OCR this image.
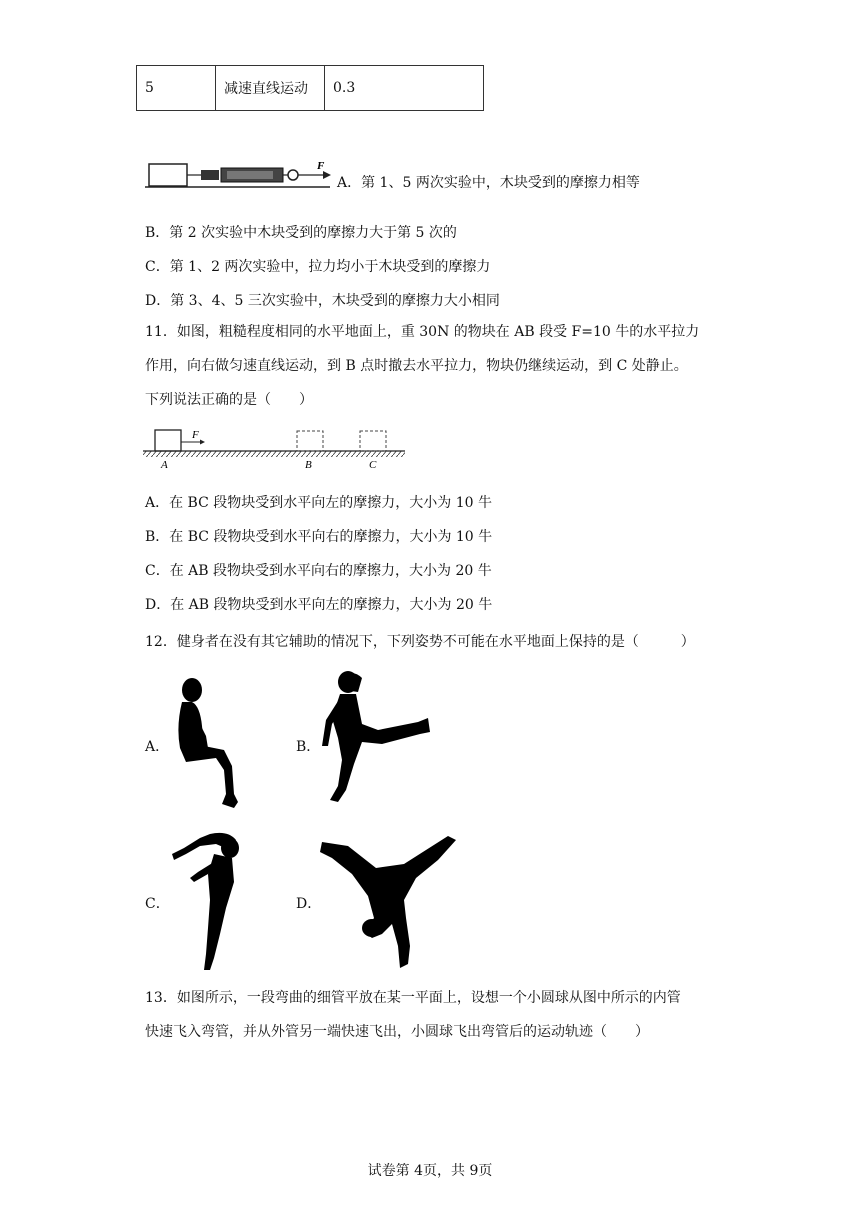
5	减速直线运动	0.3
F
A．第 1、5 两次实验中，木块受到的摩擦力相等
B．第 2 次实验中木块受到的摩擦力大于第 5 次的
C．第 1、2 两次实验中，拉力均小于木块受到的摩擦力
D．第 3、4、5 三次实验中，木块受到的摩擦力大小相同
11．如图，粗糙程度相同的水平地面上，重 30N 的物块在 AB 段受 F=10 牛的水平拉力
作用，向右做匀速直线运动，到 B 点时撤去水平拉力，物块仍继续运动，到 C 处静止。
下列说法正确的是（　　）
F
A	B	C
A．在 BC 段物块受到水平向左的摩擦力，大小为 10 牛
B．在 BC 段物块受到水平向右的摩擦力，大小为 10 牛
C．在 AB 段物块受到水平向右的摩擦力，大小为 20 牛
D．在 AB 段物块受到水平向左的摩擦力，大小为 20 牛
12．健身者在没有其它辅助的情况下，下列姿势不可能在水平地面上保持的是（　　　）
A．	B．
C．	D．
13．如图所示，一段弯曲的细管平放在某一平面上，设想一个小圆球从图中所示的内管
快速飞入弯管，并从外管另一端快速飞出，小圆球飞出弯管后的运动轨迹（　　）
试卷第 4页，共 9页
